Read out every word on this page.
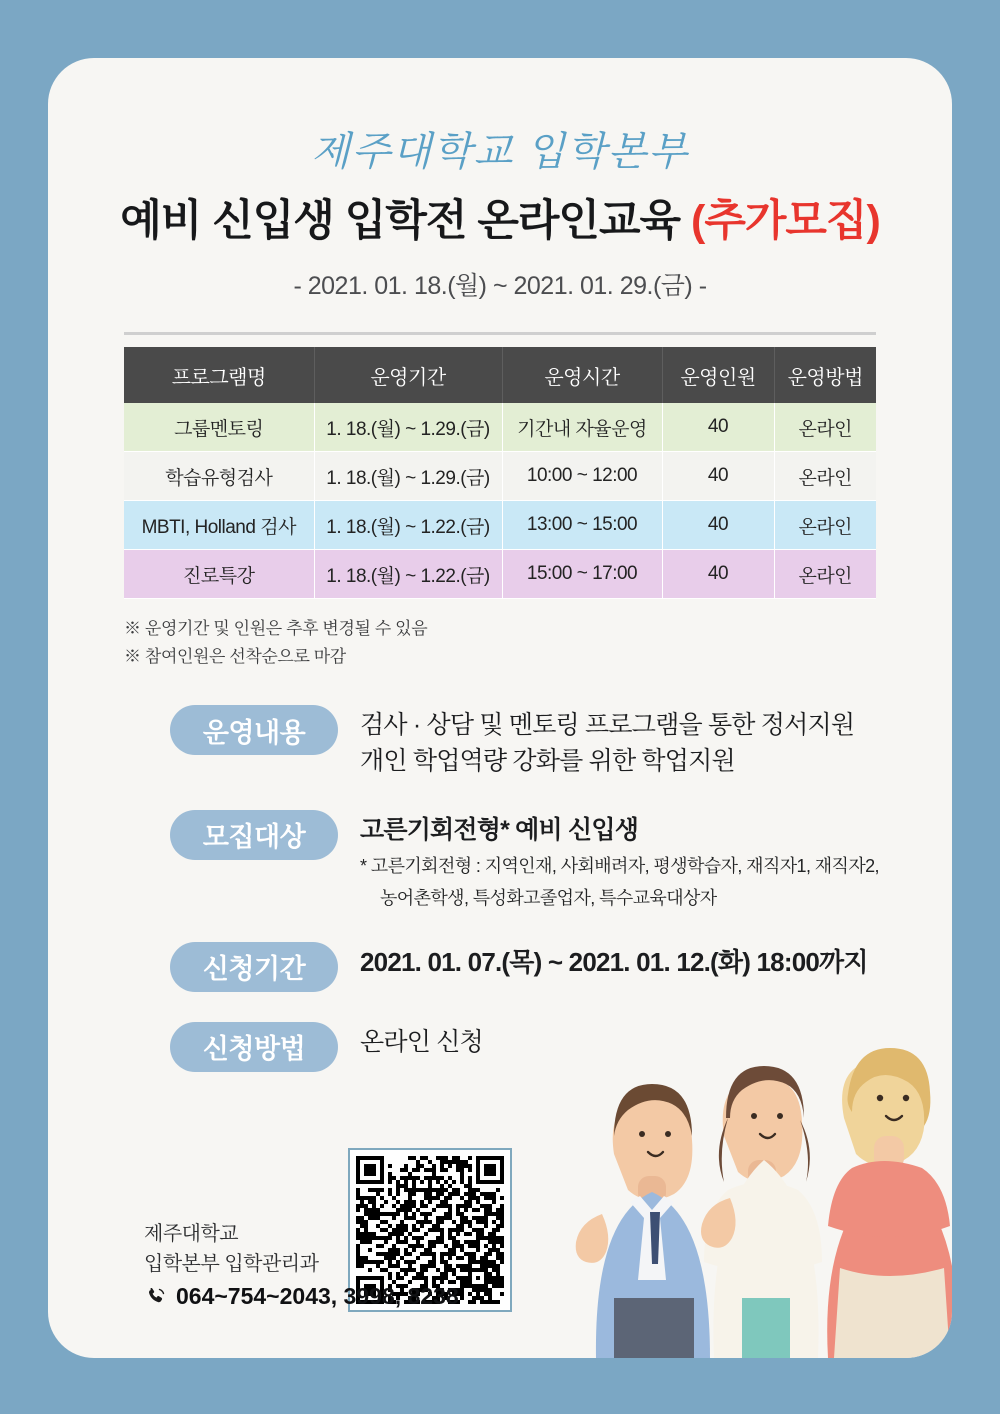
제주대학교 입학본부
예비 신입생 입학전 온라인교육 (추가모집)
- 2021. 01. 18.(월) ~ 2021. 01. 29.(금) -
프로그램명	운영기간	운영시간	운영인원	운영방법
그룹멘토링	1. 18.(월) ~ 1.29.(금)	기간내 자율운영	40	온라인
학습유형검사	1. 18.(월) ~ 1.29.(금)	10:00 ~ 12:00	40	온라인
MBTI, Holland 검사	1. 18.(월) ~ 1.22.(금)	13:00 ~ 15:00	40	온라인
진로특강	1. 18.(월) ~ 1.22.(금)	15:00 ~ 17:00	40	온라인
※ 운영기간 및 인원은 추후 변경될 수 있음
※ 참여인원은 선착순으로 마감
운영내용	검사 · 상담 및 멘토링 프로그램을 통한 정서지원
개인 학업역량 강화를 위한 학업지원
모집대상	고른기회전형* 예비 신입생
* 고른기회전형 : 지역인재, 사회배려자, 평생학습자, 재직자1, 재직자2,
농어촌학생, 특성화고졸업자, 특수교육대상자
신청기간	2021. 01. 07.(목) ~ 2021. 01. 12.(화) 18:00까지
신청방법	온라인 신청
제주대학교
입학본부 입학관리과
064~754~2043, 3998, 8238
